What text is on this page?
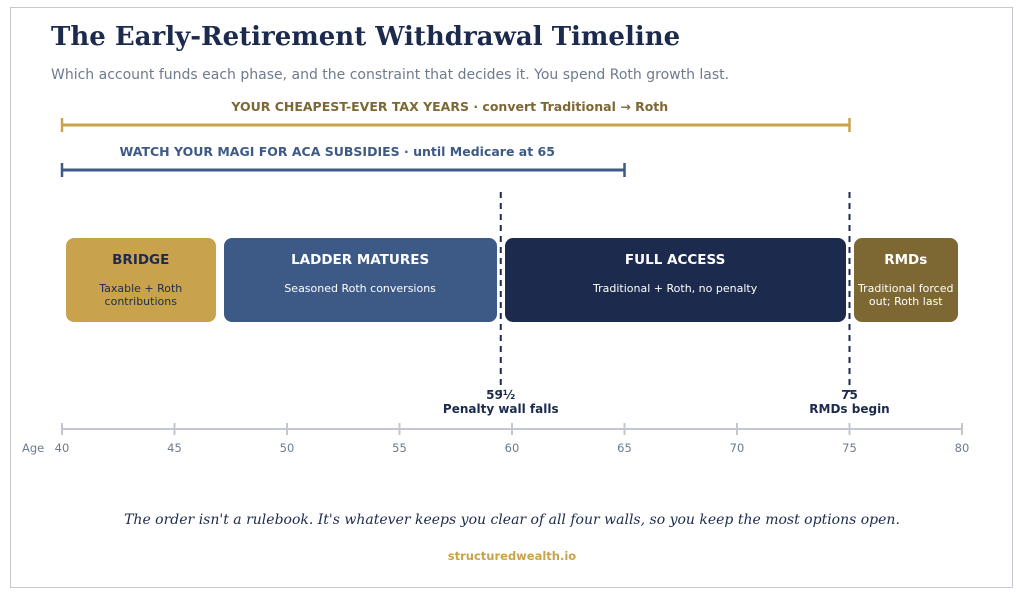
The Early-Retirement Withdrawal Timeline
Which account funds each phase, and the constraint that decides it. You spend Roth growth last.
YOUR CHEAPEST-EVER TAX YEARS · convert Traditional → Roth
WATCH YOUR MAGI FOR ACA SUBSIDIES · until Medicare at 65
BRIDGE
Taxable + Roth contributions
LADDER MATURES
Seasoned Roth conversions
FULL ACCESS
Traditional + Roth, no penalty
RMDs
Traditional forced out; Roth last
59½
Penalty wall falls
75
RMDs begin
Age 40	45	50	55	60	65	70	75	80
The order isn't a rulebook. It's whatever keeps you clear of all four walls, so you keep the most options open.
structuredwealth.io
